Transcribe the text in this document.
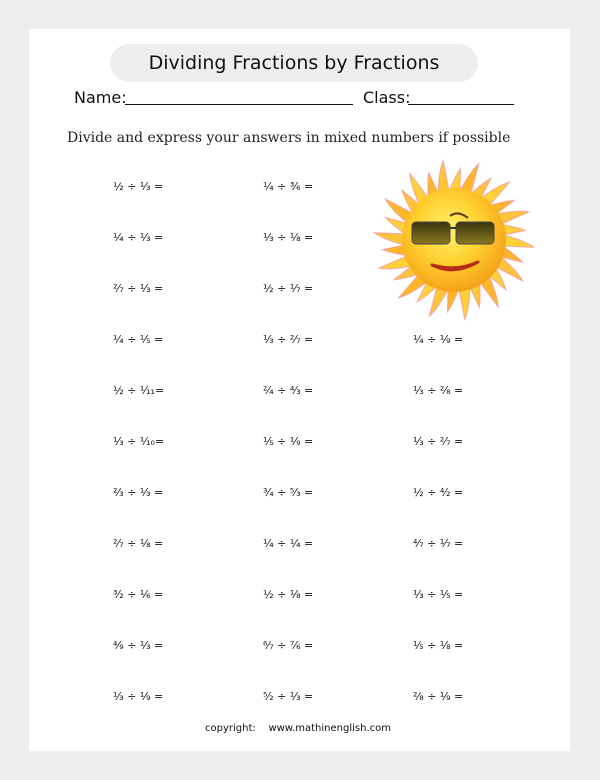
Dividing Fractions by Fractions
Name:	Class:
Divide and express your answers in mixed numbers if possible
½ ÷ ⅓ =
¼ ÷ ⅓ =
²⁄₇ ÷ ⅓ =
¼ ÷ ⅕ =
½ ÷ ¹⁄₁₁=
⅓ ÷ ¹⁄₁₀=
⅔ ÷ ⅓ =
²⁄₇ ÷ ⅛ =
³⁄₂ ÷ ⅙ =
⁴⁄₉ ÷ ⅓ =
⅓ ÷ ⅑ =
¼ ÷ ³⁄₆ =
⅓ ÷ ⅛ =
½ ÷ ⅐ =
⅓ ÷ ²⁄₇ =
²⁄₄ ÷ ⁴⁄₃ =
⅕ ÷ ⅑ =
¾ ÷ ⁵⁄₃ =
¼ ÷ ¼ =
½ ÷ ⅛ =
⁶⁄₇ ÷ ⁷⁄₆ =
⁵⁄₂ ÷ ⅓ =
¼ ÷ ⅑ =
⅓ ÷ ²⁄₈ =
⅓ ÷ ²⁄₇ =
½ ÷ ⁴⁄₂ =
⁴⁄₇ ÷ ⅐ =
⅓ ÷ ⅕ =
⅕ ÷ ⅛ =
²⁄₈ ÷ ⅑ =
copyright:    www.mathinenglish.com
